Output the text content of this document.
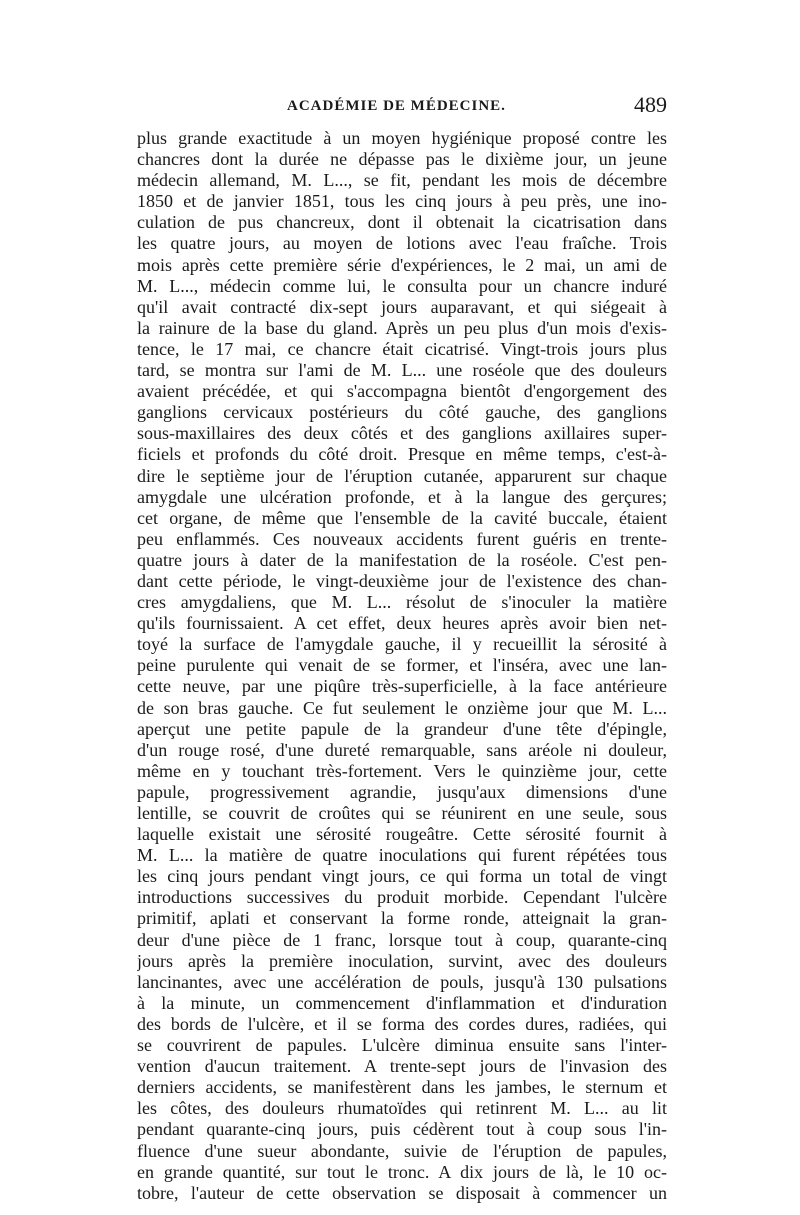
ACADÉMIE DE MÉDECINE.	489
plus grande exactitude à un moyen hygiénique proposé contre les
chancres dont la durée ne dépasse pas le dixième jour, un jeune
médecin allemand, M. L..., se fit, pendant les mois de décembre
1850 et de janvier 1851, tous les cinq jours à peu près, une ino-
culation de pus chancreux, dont il obtenait la cicatrisation dans
les quatre jours, au moyen de lotions avec l'eau fraîche. Trois
mois après cette première série d'expériences, le 2 mai, un ami de
M. L..., médecin comme lui, le consulta pour un chancre induré
qu'il avait contracté dix-sept jours auparavant, et qui siégeait à
la rainure de la base du gland. Après un peu plus d'un mois d'exis-
tence, le 17 mai, ce chancre était cicatrisé. Vingt-trois jours plus
tard, se montra sur l'ami de M. L... une roséole que des douleurs
avaient précédée, et qui s'accompagna bientôt d'engorgement des
ganglions cervicaux postérieurs du côté gauche, des ganglions
sous-maxillaires des deux côtés et des ganglions axillaires super-
ficiels et profonds du côté droit. Presque en même temps, c'est-à-
dire le septième jour de l'éruption cutanée, apparurent sur chaque
amygdale une ulcération profonde, et à la langue des gerçures;
cet organe, de même que l'ensemble de la cavité buccale, étaient
peu enflammés. Ces nouveaux accidents furent guéris en trente-
quatre jours à dater de la manifestation de la roséole. C'est pen-
dant cette période, le vingt-deuxième jour de l'existence des chan-
cres amygdaliens, que M. L... résolut de s'inoculer la matière
qu'ils fournissaient. A cet effet, deux heures après avoir bien net-
toyé la surface de l'amygdale gauche, il y recueillit la sérosité à
peine purulente qui venait de se former, et l'inséra, avec une lan-
cette neuve, par une piqûre très-superficielle, à la face antérieure
de son bras gauche. Ce fut seulement le onzième jour que M. L...
aperçut une petite papule de la grandeur d'une tête d'épingle,
d'un rouge rosé, d'une dureté remarquable, sans aréole ni douleur,
même en y touchant très-fortement. Vers le quinzième jour, cette
papule, progressivement agrandie, jusqu'aux dimensions d'une
lentille, se couvrit de croûtes qui se réunirent en une seule, sous
laquelle existait une sérosité rougeâtre. Cette sérosité fournit à
M. L... la matière de quatre inoculations qui furent répétées tous
les cinq jours pendant vingt jours, ce qui forma un total de vingt
introductions successives du produit morbide. Cependant l'ulcère
primitif, aplati et conservant la forme ronde, atteignait la gran-
deur d'une pièce de 1 franc, lorsque tout à coup, quarante-cinq
jours après la première inoculation, survint, avec des douleurs
lancinantes, avec une accélération de pouls, jusqu'à 130 pulsations
à la minute, un commencement d'inflammation et d'induration
des bords de l'ulcère, et il se forma des cordes dures, radiées, qui
se couvrirent de papules. L'ulcère diminua ensuite sans l'inter-
vention d'aucun traitement. A trente-sept jours de l'invasion des
derniers accidents, se manifestèrent dans les jambes, le sternum et
les côtes, des douleurs rhumatoïdes qui retinrent M. L... au lit
pendant quarante-cinq jours, puis cédèrent tout à coup sous l'in-
fluence d'une sueur abondante, suivie de l'éruption de papules,
en grande quantité, sur tout le tronc. A dix jours de là, le 10 oc-
tobre, l'auteur de cette observation se disposait à commencer un
